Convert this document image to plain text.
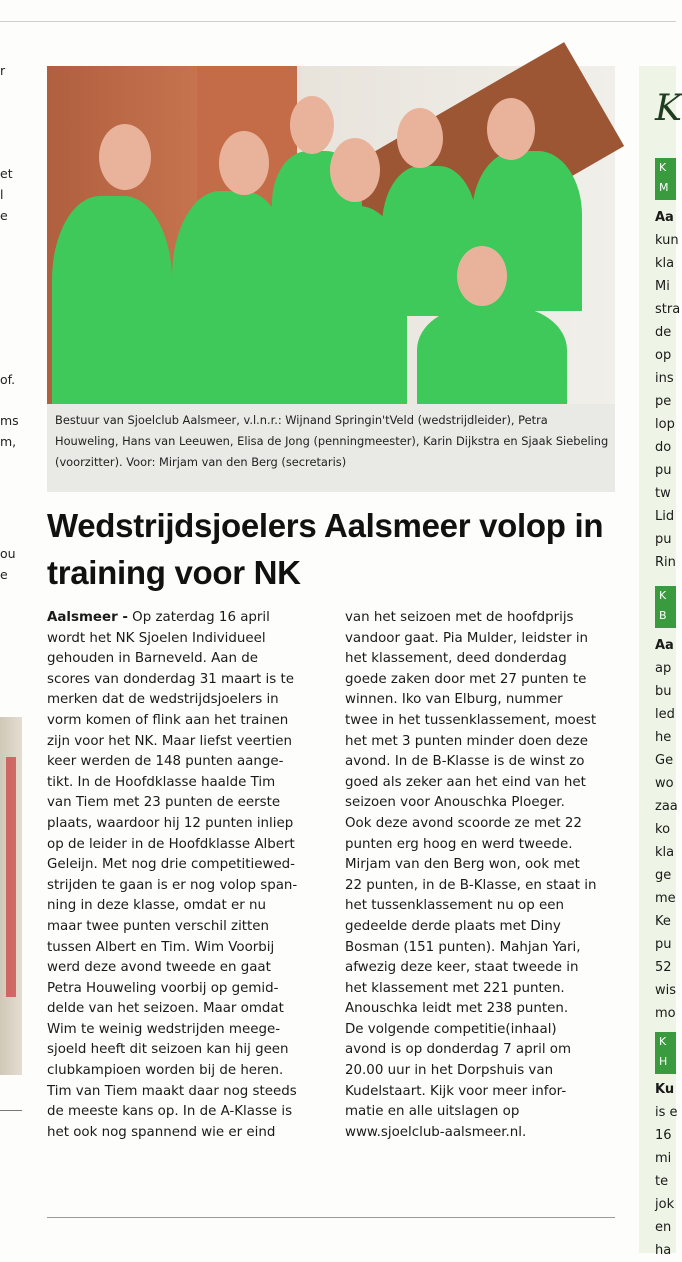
r
et
l
e
of.
ms
m,
ou
e
Bestuur van Sjoelclub Aalsmeer, v.l.n.r.: Wijnand Springin'tVeld (wedstrijdleider), Petra Houweling, Hans van Leeuwen, Elisa de Jong (penningmeester), Karin Dijkstra en Sjaak Siebeling (voorzitter). Voor: Mirjam van den Berg (secretaris)
Wedstrijdsjoelers Aalsmeer volop in training voor NK
Aalsmeer - Op zaterdag 16 april
wordt het NK Sjoelen Individueel
gehouden in Barneveld. Aan de
scores van donderdag 31 maart is te
merken dat de wedstrijdsjoelers in
vorm komen of flink aan het trainen
zijn voor het NK. Maar liefst veertien
keer werden de 148 punten aange-
tikt. In de Hoofdklasse haalde Tim
van Tiem met 23 punten de eerste
plaats, waardoor hij 12 punten inliep
op de leider in de Hoofdklasse Albert
Geleijn. Met nog drie competitiewed-
strijden te gaan is er nog volop span-
ning in deze klasse, omdat er nu
maar twee punten verschil zitten
tussen Albert en Tim. Wim Voorbij
werd deze avond tweede en gaat
Petra Houweling voorbij op gemid-
delde van het seizoen. Maar omdat
Wim te weinig wedstrijden meege-
sjoeld heeft dit seizoen kan hij geen
clubkampioen worden bij de heren.
Tim van Tiem maakt daar nog steeds
de meeste kans op. In de A-Klasse is
het ook nog spannend wie er eind
van het seizoen met de hoofdprijs
vandoor gaat. Pia Mulder, leidster in
het klassement, deed donderdag
goede zaken door met 27 punten te
winnen. Iko van Elburg, nummer
twee in het tussenklassement, moest
het met 3 punten minder doen deze
avond. In de B-Klasse is de winst zo
goed als zeker aan het eind van het
seizoen voor Anouschka Ploeger.
Ook deze avond scoorde ze met 22
punten erg hoog en werd tweede.
Mirjam van den Berg won, ook met
22 punten, in de B-Klasse, en staat in
het tussenklassement nu op een
gedeelde derde plaats met Diny
Bosman (151 punten). Mahjan Yari,
afwezig deze keer, staat tweede in
het klassement met 221 punten.
Anouschka leidt met 238 punten.
De volgende competitie(inhaal)
avond is op donderdag 7 april om
20.00 uur in het Dorpshuis van
Kudelstaart. Kijk voor meer infor-
matie en alle uitslagen op
www.sjoelclub-aalsmeer.nl.
K
K M
Aa
kun
kla
Mi
stra
de
op
ins
pe
lop
do
pu
tw
Lid
pu
Rin
K B
Aa
ap
bu
led
he
Ge
wo
zaa
ko
kla
ge
me
Ke
pu
52
wis
mo
K H
Ku
is e
16
mi
te
jok
en
ha
